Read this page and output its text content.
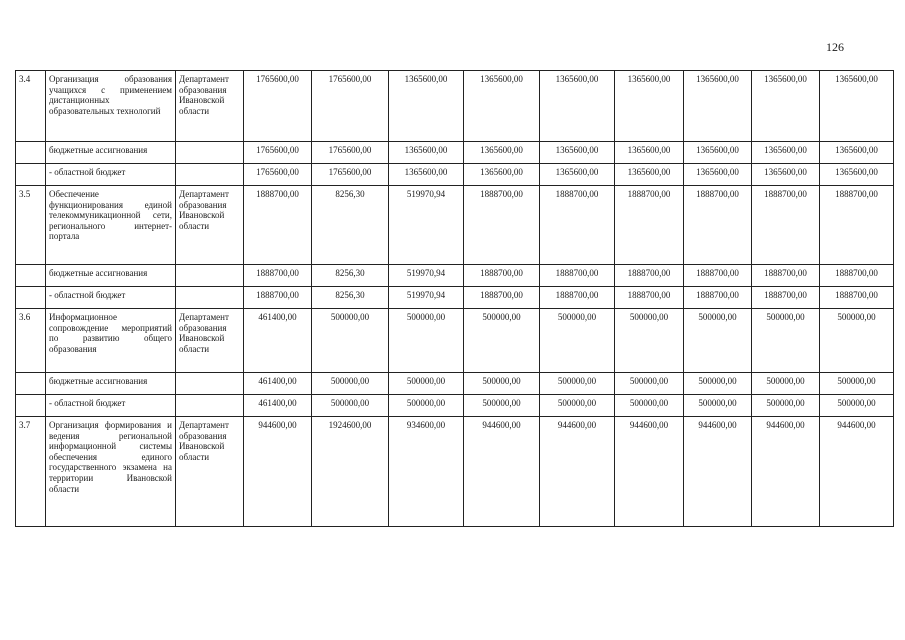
126
3.4	Организация образования учащихся с применением дистанционных образовательных технологий	Департамент образования Ивановской области	1765600,00	1765600,00	1365600,00	1365600,00	1365600,00	1365600,00	1365600,00	1365600,00	1365600,00
	бюджетные ассигнования		1765600,00	1765600,00	1365600,00	1365600,00	1365600,00	1365600,00	1365600,00	1365600,00	1365600,00
	- областной бюджет		1765600,00	1765600,00	1365600,00	1365600,00	1365600,00	1365600,00	1365600,00	1365600,00	1365600,00
3.5	Обеспечение функционирования единой телекоммуникационной сети, регионального интернет-портала	Департамент образования Ивановской области	1888700,00	8256,30	519970,94	1888700,00	1888700,00	1888700,00	1888700,00	1888700,00	1888700,00
	бюджетные ассигнования		1888700,00	8256,30	519970,94	1888700,00	1888700,00	1888700,00	1888700,00	1888700,00	1888700,00
	- областной бюджет		1888700,00	8256,30	519970,94	1888700,00	1888700,00	1888700,00	1888700,00	1888700,00	1888700,00
3.6	Информационное сопровождение мероприятий по развитию общего образования	Департамент образования Ивановской области	461400,00	500000,00	500000,00	500000,00	500000,00	500000,00	500000,00	500000,00	500000,00
	бюджетные ассигнования		461400,00	500000,00	500000,00	500000,00	500000,00	500000,00	500000,00	500000,00	500000,00
	- областной бюджет		461400,00	500000,00	500000,00	500000,00	500000,00	500000,00	500000,00	500000,00	500000,00
3.7	Организация формирования и ведения региональной информационной системы обеспечения единого государственного экзамена на территории Ивановской области	Департамент образования Ивановской области	944600,00	1924600,00	934600,00	944600,00	944600,00	944600,00	944600,00	944600,00	944600,00
